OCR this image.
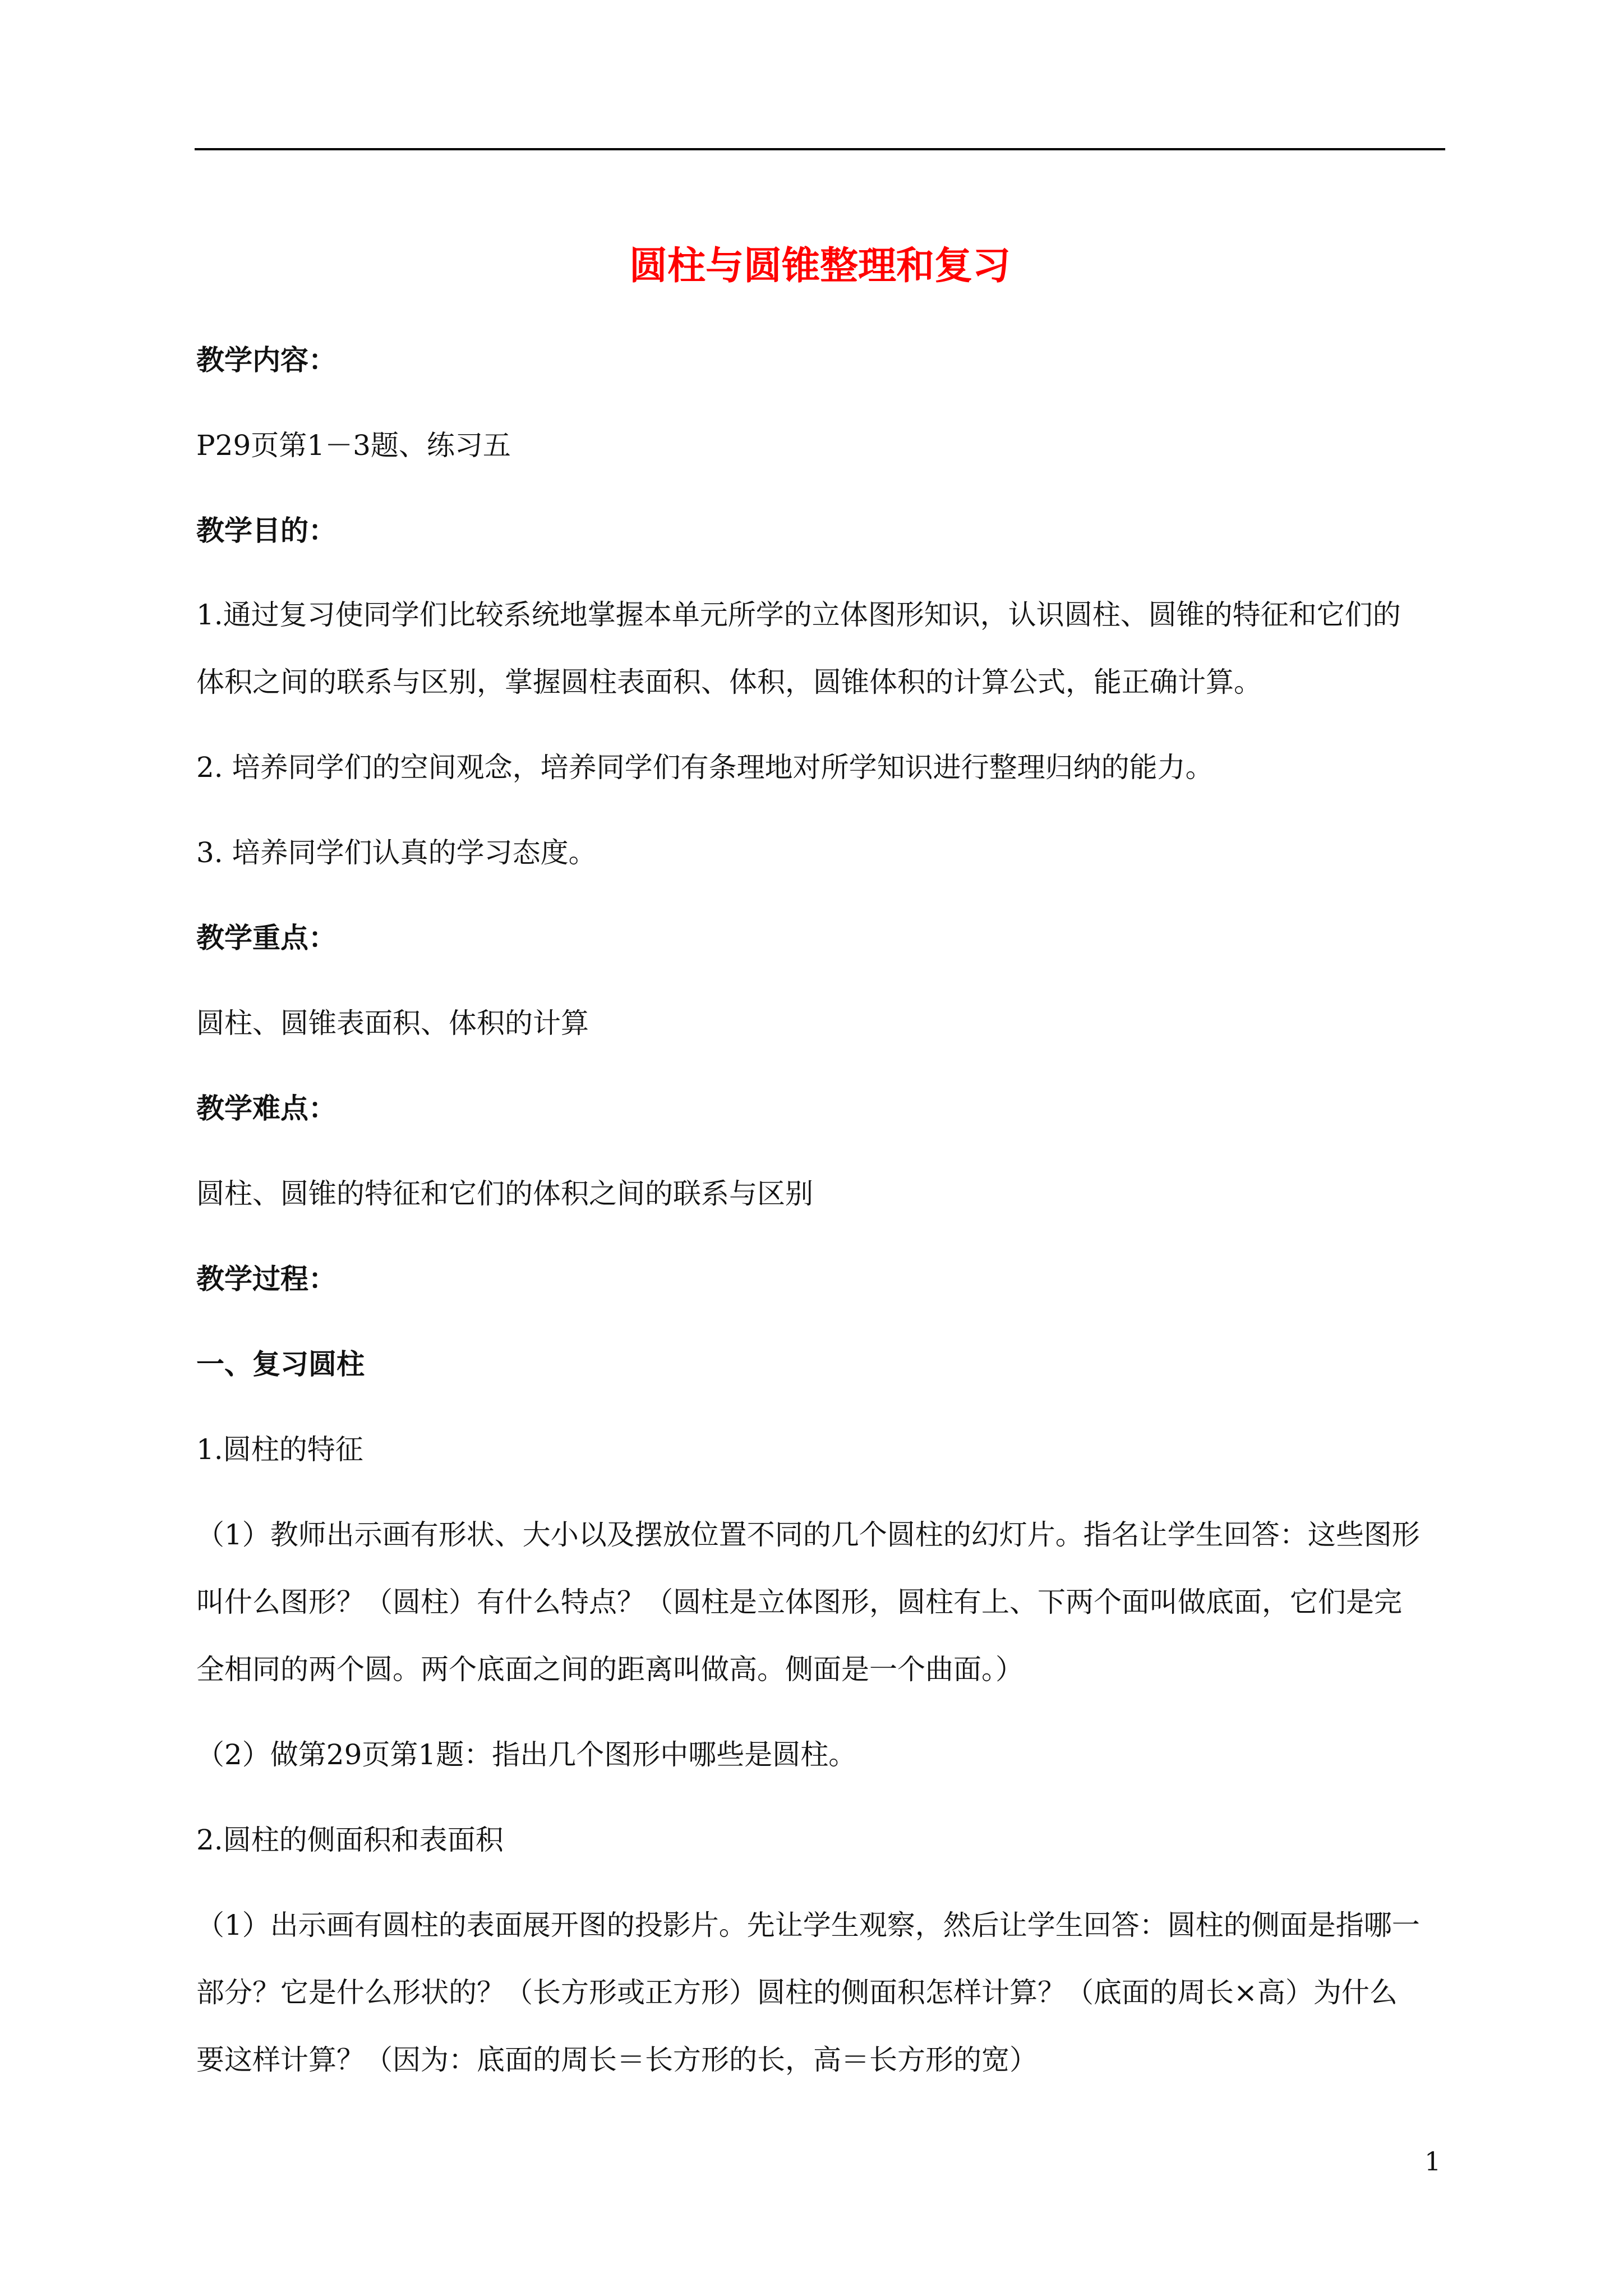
圆柱与圆锥整理和复习
教学内容：
P29页第1－3题、练习五
教学目的：
1.通过复习使同学们比较系统地掌握本单元所学的立体图形知识，认识圆柱、圆锥的特征和它们的
体积之间的联系与区别，掌握圆柱表面积、体积，圆锥体积的计算公式，能正确计算。
2. 培养同学们的空间观念，培养同学们有条理地对所学知识进行整理归纳的能力。
3. 培养同学们认真的学习态度。
教学重点：
圆柱、圆锥表面积、体积的计算
教学难点：
圆柱、圆锥的特征和它们的体积之间的联系与区别
教学过程：
一、复习圆柱
1.圆柱的特征
（1）教师出示画有形状、大小以及摆放位置不同的几个圆柱的幻灯片。指名让学生回答：这些图形
叫什么图形？（圆柱）有什么特点？（圆柱是立体图形，圆柱有上、下两个面叫做底面，它们是完
全相同的两个圆。两个底面之间的距离叫做高。侧面是一个曲面。）
（2）做第29页第1题：指出几个图形中哪些是圆柱。
2.圆柱的侧面积和表面积
（1）出示画有圆柱的表面展开图的投影片。先让学生观察，然后让学生回答：圆柱的侧面是指哪一
部分？它是什么形状的？（长方形或正方形）圆柱的侧面积怎样计算？（底面的周长×高）为什么
要这样计算？（因为：底面的周长＝长方形的长，高＝长方形的宽）
1
